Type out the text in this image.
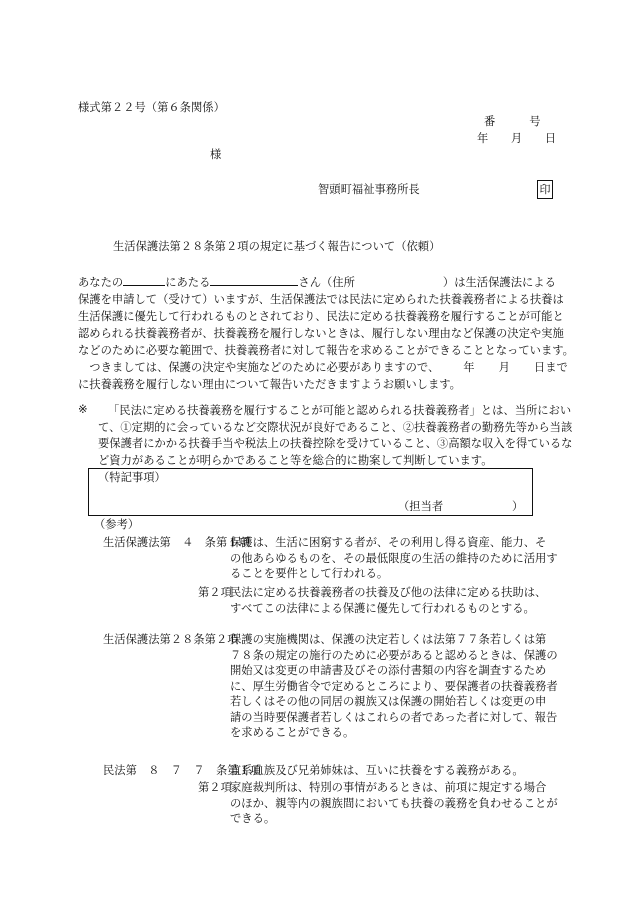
様式第２２号（第６条関係）
番　　　号
年　　月　　日
様
智頭町福祉事務所長	印
生活保護法第２８条第２項の規定に基づく報告について（依頼）
あなたの	にあたる	さん（住所	）は生活保護法による
保護を申請して（受けて）いますが、生活保護法では民法に定められた扶養義務者による扶養は
生活保護に優先して行われるものとされており、民法に定める扶養義務を履行することが可能と
認められる扶養義務者が、扶養義務を履行しないときは、履行しない理由など保護の決定や実施
などのために必要な範囲で、扶養義務者に対して報告を求めることができることとなっています。
　つきましては、保護の決定や実施などのために必要がありますので、 年 月 日まで
に扶養義務を履行しない理由について報告いただきますようお願いします。
※	「民法に定める扶養義務を履行することが可能と認められる扶養義務者」とは、当所におい
て、①定期的に会っているなど交際状況が良好であること、②扶養義務者の勤務先等から当該
要保護者にかかる扶養手当や税法上の扶養控除を受けていること、③高額な収入を得ているな
ど資力があることが明らかであること等を総合的に勘案して判断しています。
（特記事項）
（担当者	）
（参考）
生活保護法第　４　条第１項
保護は、生活に困窮する者が、その利用し得る資産、能力、そ
の他あらゆるものを、その最低限度の生活の維持のために活用す
ることを要件として行われる。
第２項
民法に定める扶養義務者の扶養及び他の法律に定める扶助は、
すべてこの法律による保護に優先して行われるものとする。
生活保護法第２８条第２項
保護の実施機関は、保護の決定若しくは法第７７条若しくは第
７８条の規定の施行のために必要があると認めるときは、保護の
開始又は変更の申請書及びその添付書類の内容を調査するため
に、厚生労働省令で定めるところにより、要保護者の扶養義務者
若しくはその他の同居の親族又は保護の開始若しくは変更の申
請の当時要保護者若しくはこれらの者であった者に対して、報告
を求めることができる。
民法第　８　７　７　条第１項
直系血族及び兄弟姉妹は、互いに扶養をする義務がある。
第２項
家庭裁判所は、特別の事情があるときは、前項に規定する場合
のほか、親等内の親族間においても扶養の義務を負わせることが
できる。
